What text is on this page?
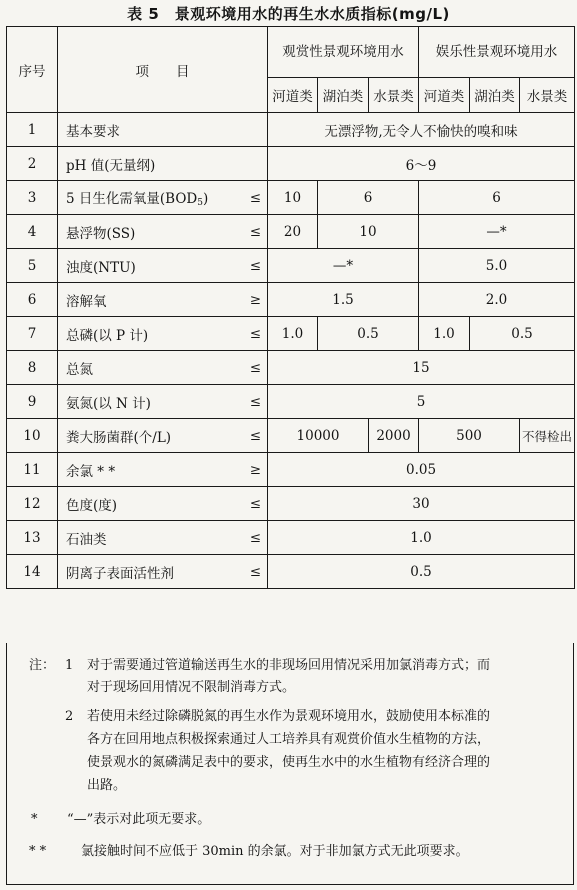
表 5　景观环境用水的再生水水质指标(mg/L)
序号	项　　目		观赏性景观环境用水			娱乐性景观环境用水		
			河道类	湖泊类	水景类	河道类	湖泊类	水景类
1	基本要求		无漂浮物,无令人不愉快的嗅和味					
2	pH 值(无量纲)		6～9					
3	5 日生化需氧量$(BOD_5)$	≤	10	6		6		
4	悬浮物(SS)	≤	20	10		—*		
5	浊度(NTU)	≤	—*			5.0		
6	溶解氧	≥	1.5			2.0		
7	总磷(以 P 计)	≤	1.0	0.5		1.0	0.5	
8	总氮	≤	15					
9	氨氮(以 N 计)	≤	5					
10	粪大肠菌群(个/L)	≤	10000		2000	500		不得检出
11	余氯 * *	≥	0.05					
12	色度(度)	≤	30					
13	石油类	≤	1.0					
14	阴离子表面活性剂	≤	0.5					
注： 1 对于需要通过管道输送再生水的非现场回用情况采用加氯消毒方式；而
对于现场回用情况不限制消毒方式。
2 若使用未经过除磷脱氮的再生水作为景观环境用水，鼓励使用本标准的
各方在回用地点积极探索通过人工培养具有观赏价值水生植物的方法，
使景观水的氮磷满足表中的要求，使再生水中的水生植物有经济合理的
出路。
* “—”表示对此项无要求。
* *	氯接触时间不应低于 30min 的余氯。对于非加氯方式无此项要求。
